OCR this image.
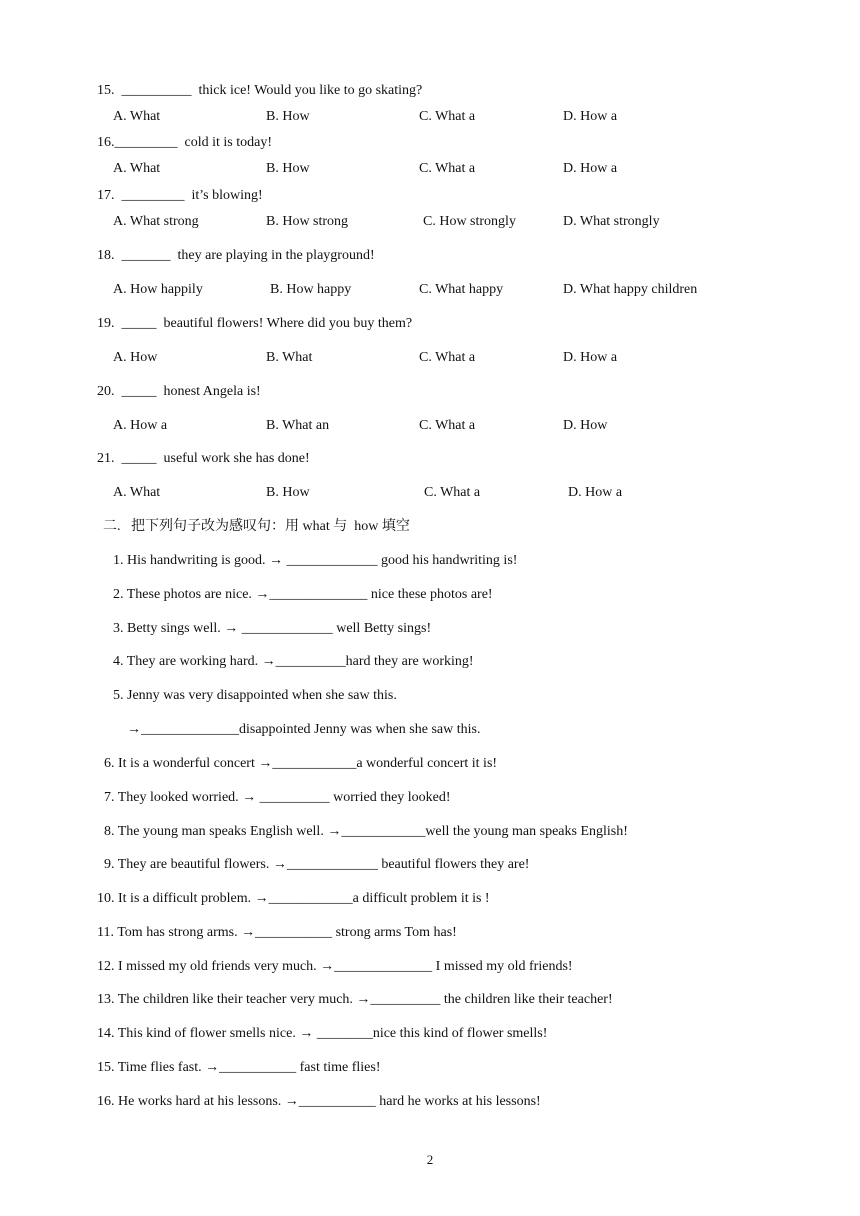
15.  __________  thick ice! Would you like to go skating?
A. What	B. How	C. What a	D. How a
16._________  cold it is today!
A. What	B. How	C. What a	D. How a
17.  _________  it’s blowing!
A. What strong	B. How strong	C. How strongly	D. What strongly
18.  _______  they are playing in the playground!
A. How happily	B. How happy	C. What happy	D. What happy children
19.  _____  beautiful flowers! Where did you buy them?
A. How	B. What	C. What a	D. How a
20.  _____  honest Angela is!
A. How a	B. What an	C. What a	D. How
21.  _____  useful work she has done!
A. What	B. How	C. What a	D. How a
二.   把下列句子改为感叹句：用 what 与  how 填空
1. His handwriting is good. → _____________ good his handwriting is!
2. These photos are nice. →______________ nice these photos are!
3. Betty sings well. → _____________ well Betty sings!
4. They are working hard. →__________hard they are working!
5. Jenny was very disappointed when she saw this.
→______________disappointed Jenny was when she saw this.
6. It is a wonderful concert →____________a wonderful concert it is!
7. They looked worried. → __________ worried they looked!
8. The young man speaks English well. →____________well the young man speaks English!
9. They are beautiful flowers. →_____________ beautiful flowers they are!
10. It is a difficult problem. →____________a difficult problem it is !
11. Tom has strong arms. →___________ strong arms Tom has!
12. I missed my old friends very much. →______________ I missed my old friends!
13. The children like their teacher very much. →__________ the children like their teacher!
14. This kind of flower smells nice. → ________nice this kind of flower smells!
15. Time flies fast. →___________ fast time flies!
16. He works hard at his lessons. →___________ hard he works at his lessons!
2
